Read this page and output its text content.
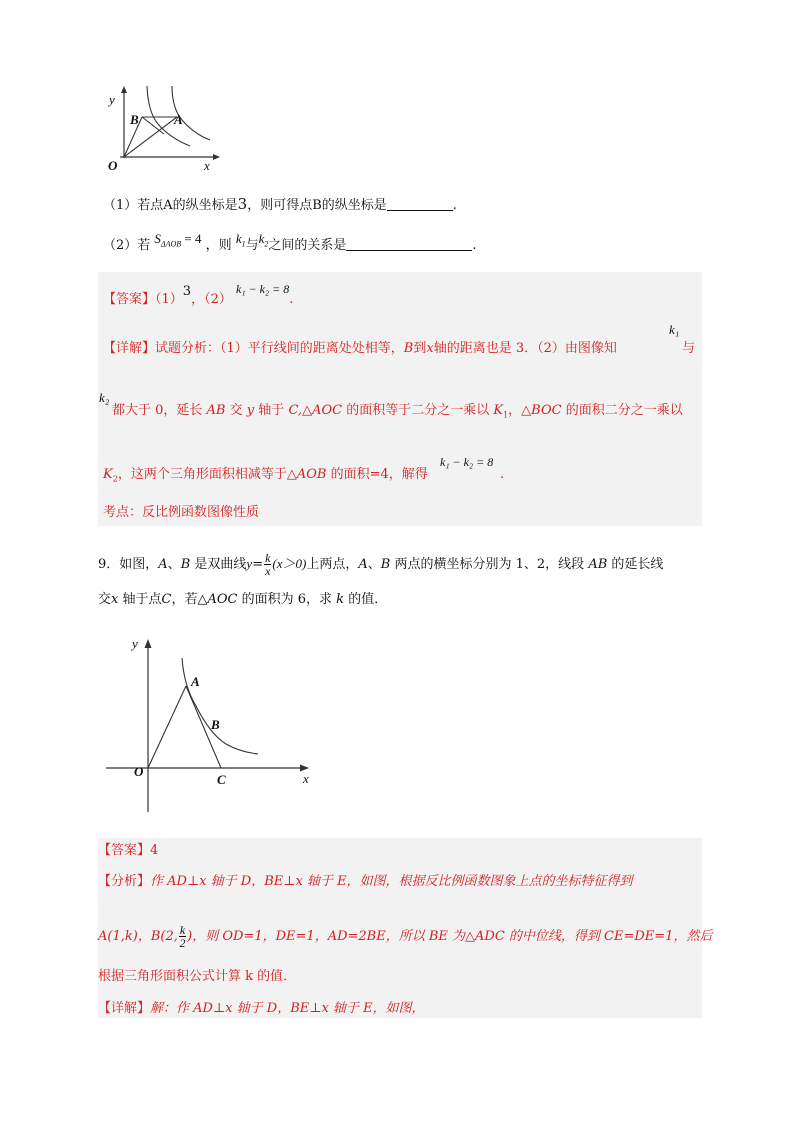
y
x
O
B	A
（1）若点A的纵坐标是3，则可得点B的纵坐标是	.
（2）若 $S_{\Delta AOB} = 4$ ，则 $k_1$与$k_2$之间的关系是	.
【答案】（1）3，（2） k₁ − k₂ = 8.
【详解】试题分析：（1）平行线间的距离处处相等，B到x轴的距离也是 3．（2）由图像知
k₁
与
k₂
都大于 0，延长 AB 交 y 轴于 C,△AOC 的面积等于二分之一乘以 $K_1$，△BOC 的面积二分之一乘以
$K_2$，这两个三角形面积相减等于△AOB 的面积=4，解得
k₁ − k₂ = 8
.
考点：反比例函数图像性质
9．如图，A、B 是双曲线$y= \frac{k}{x} (x>0)$上两点，A、B 两点的横坐标分别为 1、2，线段 AB 的延长线
交x 轴于点C，若△AOC 的面积为 6，求 k 的值．
y
x
O
A
B
C
【答案】4
【分析】作 AD⊥x 轴于 D，BE⊥x 轴于 E，如图，根据反比例函数图象上点的坐标特征得到
A(1,k)，B(2, $\frac{k}{2}$ )，则 OD=1，DE=1，AD=2BE，所以 BE 为△ADC 的中位线，得到 CE=DE=1，然后
根据三角形面积公式计算 k 的值．
【详解】解：作 AD⊥x 轴于 D，BE⊥x 轴于 E，如图，
